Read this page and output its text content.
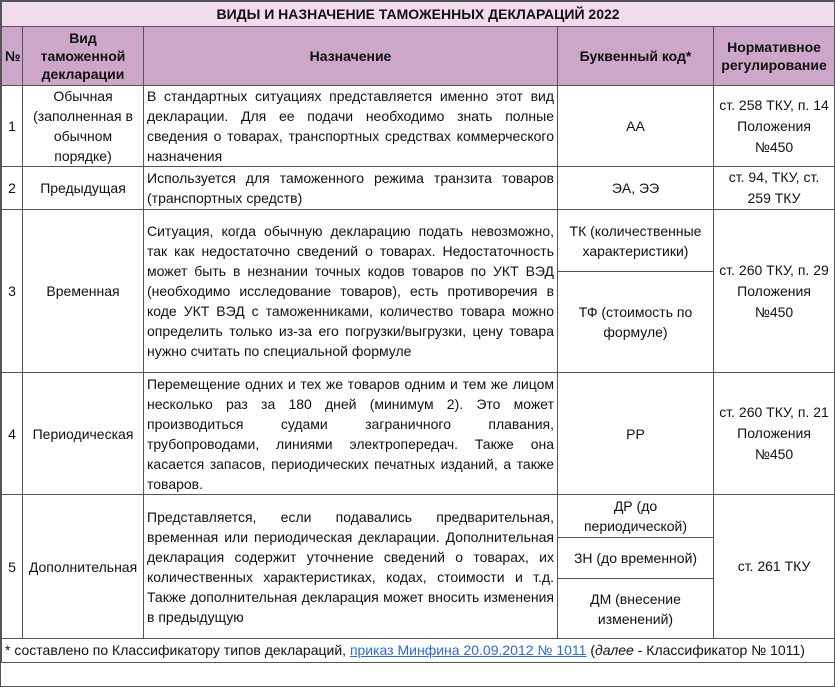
ВИДЫ И НАЗНАЧЕНИЕ ТАМОЖЕННЫХ ДЕКЛАРАЦИЙ 2022				
№	Вид таможенной декларации	Назначение	Буквенный код*	Нормативное регулирование
1	Обычная (заполненная в обычном порядке)	В стандартных ситуациях представляется именно этот вид декларации. Для ее подачи необходимо знать полные сведения о товарах, транспортных средствах коммерческого назначения	АА	ст. 258 ТКУ, п. 14 Положения №450
2	Предыдущая	Используется для таможенного режима транзита товаров (транспортных средств)	ЭА, ЭЭ	ст. 94, ТКУ, ст. 259 ТКУ
3	Временная	Ситуация, когда обычную декларацию подать невозможно, так как недостаточно сведений о товарах. Недостаточность может быть в незнании точных кодов товаров по УКТ ВЭД (необходимо исследование товаров), есть противоречия в коде УКТ ВЭД с таможенниками, количество товара можно определить только из-за его погрузки/выгрузки, цену товара нужно считать по специальной формуле	ТК (количественные характеристики)	ст. 260 ТКУ, п. 29 Положения №450
			ТФ (стоимость по формуле)	
4	Периодическая	Перемещение одних и тех же товаров одним и тем же лицом несколько раз за 180 дней (минимум 2). Это может производиться судами заграничного плавания, трубопроводами, линиями электропередач. Также она касается запасов, периодических печатных изданий, а также товаров.	РР	ст. 260 ТКУ, п. 21 Положения №450
5	Дополнительная	Представляется, если подавались предварительная, временная или периодическая декларации. Дополнительная декларация содержит уточнение сведений о товарах, их количественных характеристиках, кодах, стоимости и т.д. Также дополнительная декларация может вносить изменения в предыдущую	ДР (до периодической)	ст. 261 ТКУ
			ЗН (до временной)	
			ДМ (внесение изменений)	
* составлено по Классификатору типов деклараций, приказ Минфина 20.09.2012 № 1011 (далее - Классификатор № 1011)				
